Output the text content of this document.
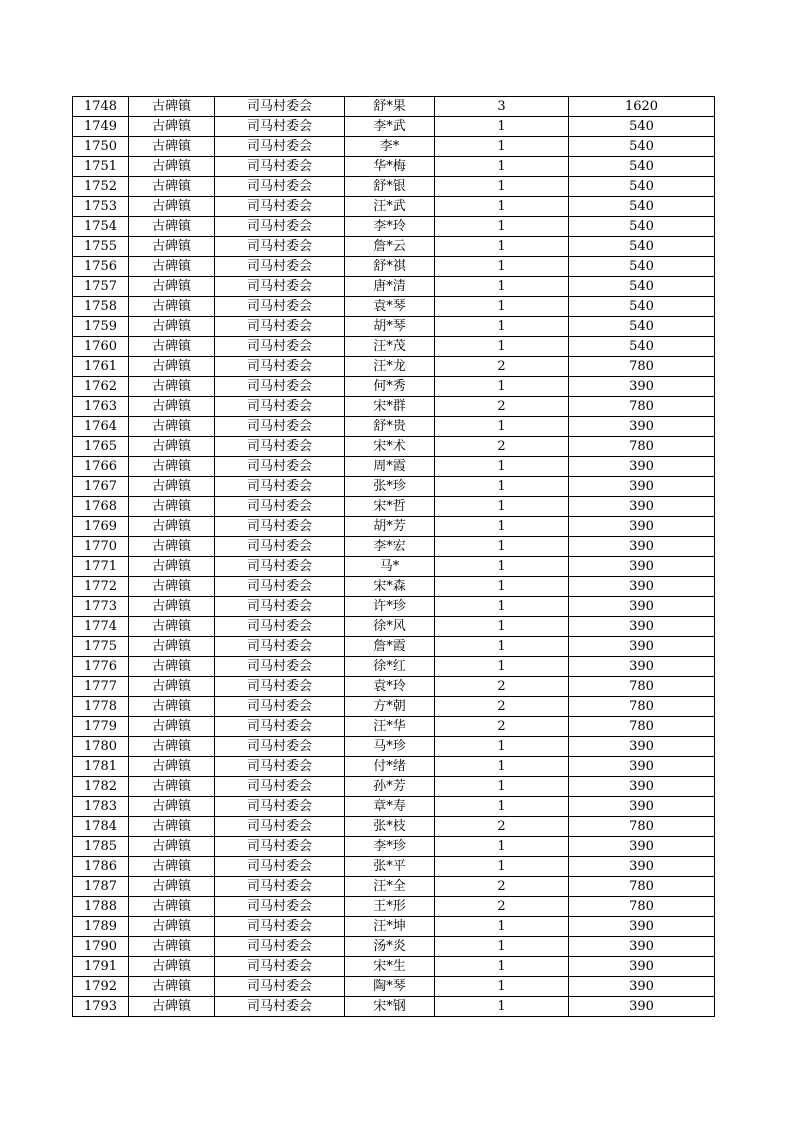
1748	古碑镇	司马村委会	舒*果	3	1620
1749	古碑镇	司马村委会	李*武	1	540
1750	古碑镇	司马村委会	李*	1	540
1751	古碑镇	司马村委会	华*梅	1	540
1752	古碑镇	司马村委会	舒*银	1	540
1753	古碑镇	司马村委会	汪*武	1	540
1754	古碑镇	司马村委会	李*玲	1	540
1755	古碑镇	司马村委会	詹*云	1	540
1756	古碑镇	司马村委会	舒*祺	1	540
1757	古碑镇	司马村委会	唐*清	1	540
1758	古碑镇	司马村委会	袁*琴	1	540
1759	古碑镇	司马村委会	胡*琴	1	540
1760	古碑镇	司马村委会	汪*茂	1	540
1761	古碑镇	司马村委会	汪*龙	2	780
1762	古碑镇	司马村委会	何*秀	1	390
1763	古碑镇	司马村委会	宋*群	2	780
1764	古碑镇	司马村委会	舒*贵	1	390
1765	古碑镇	司马村委会	宋*术	2	780
1766	古碑镇	司马村委会	周*霞	1	390
1767	古碑镇	司马村委会	张*珍	1	390
1768	古碑镇	司马村委会	宋*哲	1	390
1769	古碑镇	司马村委会	胡*芳	1	390
1770	古碑镇	司马村委会	李*宏	1	390
1771	古碑镇	司马村委会	马*	1	390
1772	古碑镇	司马村委会	宋*森	1	390
1773	古碑镇	司马村委会	许*珍	1	390
1774	古碑镇	司马村委会	徐*风	1	390
1775	古碑镇	司马村委会	詹*霞	1	390
1776	古碑镇	司马村委会	徐*红	1	390
1777	古碑镇	司马村委会	袁*玲	2	780
1778	古碑镇	司马村委会	方*朝	2	780
1779	古碑镇	司马村委会	汪*华	2	780
1780	古碑镇	司马村委会	马*珍	1	390
1781	古碑镇	司马村委会	付*绪	1	390
1782	古碑镇	司马村委会	孙*芳	1	390
1783	古碑镇	司马村委会	章*寿	1	390
1784	古碑镇	司马村委会	张*枝	2	780
1785	古碑镇	司马村委会	李*珍	1	390
1786	古碑镇	司马村委会	张*平	1	390
1787	古碑镇	司马村委会	汪*全	2	780
1788	古碑镇	司马村委会	王*形	2	780
1789	古碑镇	司马村委会	汪*坤	1	390
1790	古碑镇	司马村委会	汤*炎	1	390
1791	古碑镇	司马村委会	宋*生	1	390
1792	古碑镇	司马村委会	陶*琴	1	390
1793	古碑镇	司马村委会	宋*钢	1	390
